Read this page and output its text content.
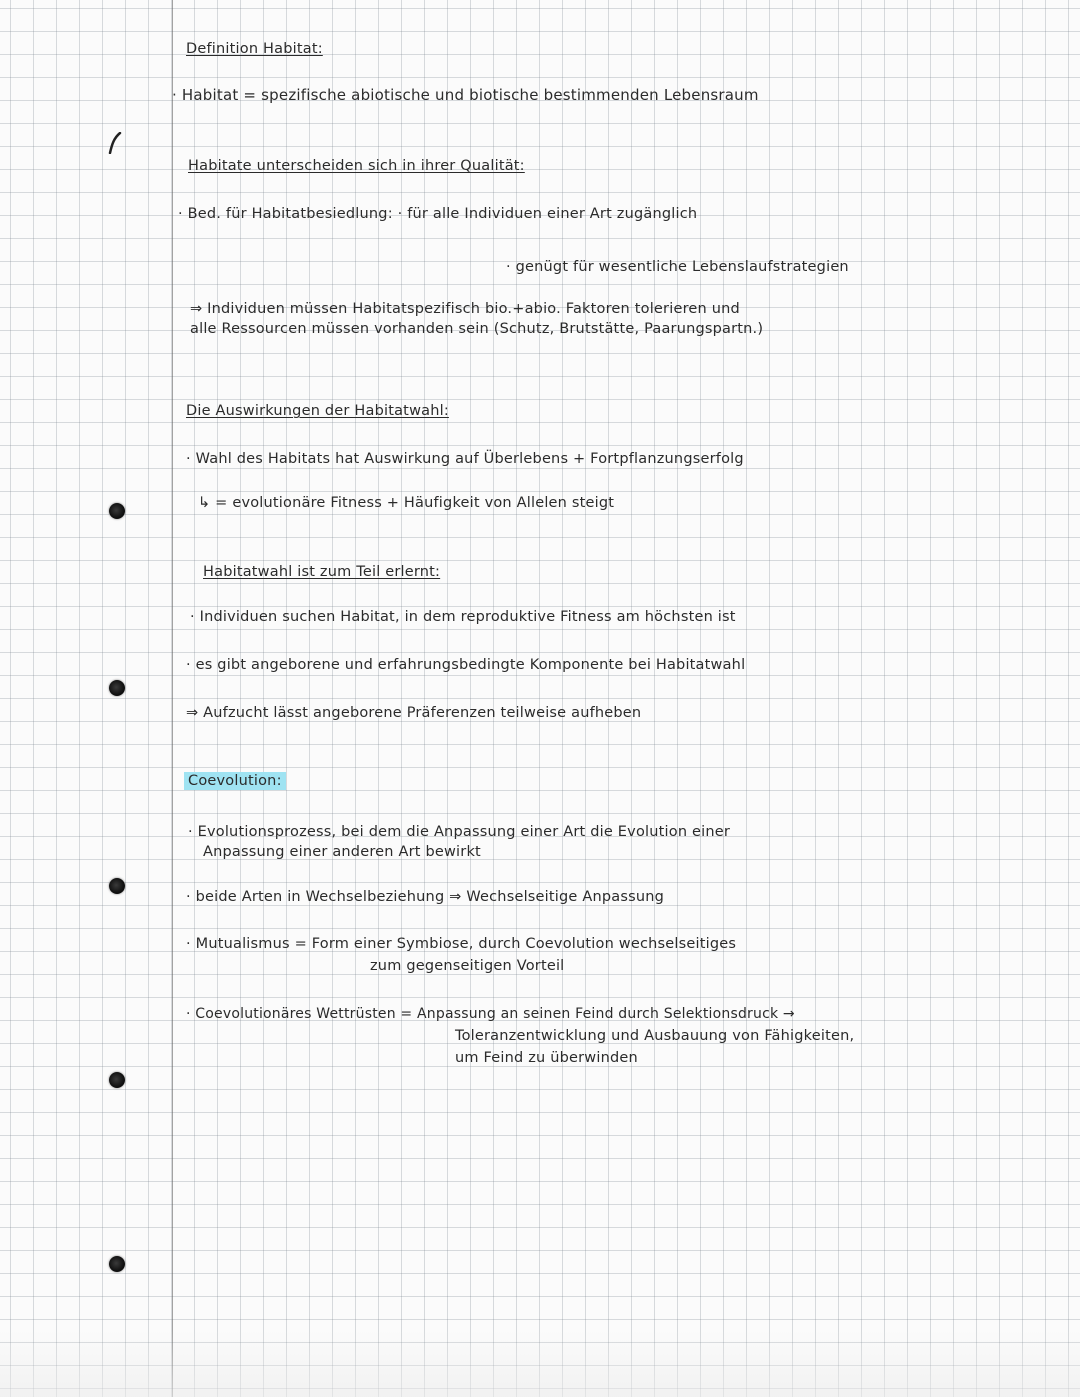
Definition Habitat:
· Habitat = spezifische abiotische und biotische bestimmenden Lebensraum
Habitate unterscheiden sich in ihrer Qualität:
· Bed. für Habitatbesiedlung: · für alle Individuen einer Art zugänglich
· genügt für wesentliche Lebenslaufstrategien
⇒ Individuen müssen Habitatspezifisch bio.+abio. Faktoren tolerieren und
alle Ressourcen müssen vorhanden sein (Schutz, Brutstätte, Paarungspartn.)
Die Auswirkungen der Habitatwahl:
· Wahl des Habitats hat Auswirkung auf Überlebens + Fortpflanzungserfolg
↳ = evolutionäre Fitness + Häufigkeit von Allelen steigt
Habitatwahl ist zum Teil erlernt:
· Individuen suchen Habitat, in dem reproduktive Fitness am höchsten ist
· es gibt angeborene und erfahrungsbedingte Komponente bei Habitatwahl
⇒ Aufzucht lässt angeborene Präferenzen teilweise aufheben
Coevolution:
· Evolutionsprozess, bei dem die Anpassung einer Art die Evolution einer
Anpassung einer anderen Art bewirkt
· beide Arten in Wechselbeziehung ⇒ Wechselseitige Anpassung
· Mutualismus = Form einer Symbiose, durch Coevolution wechselseitiges
zum gegenseitigen Vorteil
· Coevolutionäres Wettrüsten = Anpassung an seinen Feind durch Selektionsdruck →
Toleranzentwicklung und Ausbauung von Fähigkeiten,
um Feind zu überwinden
